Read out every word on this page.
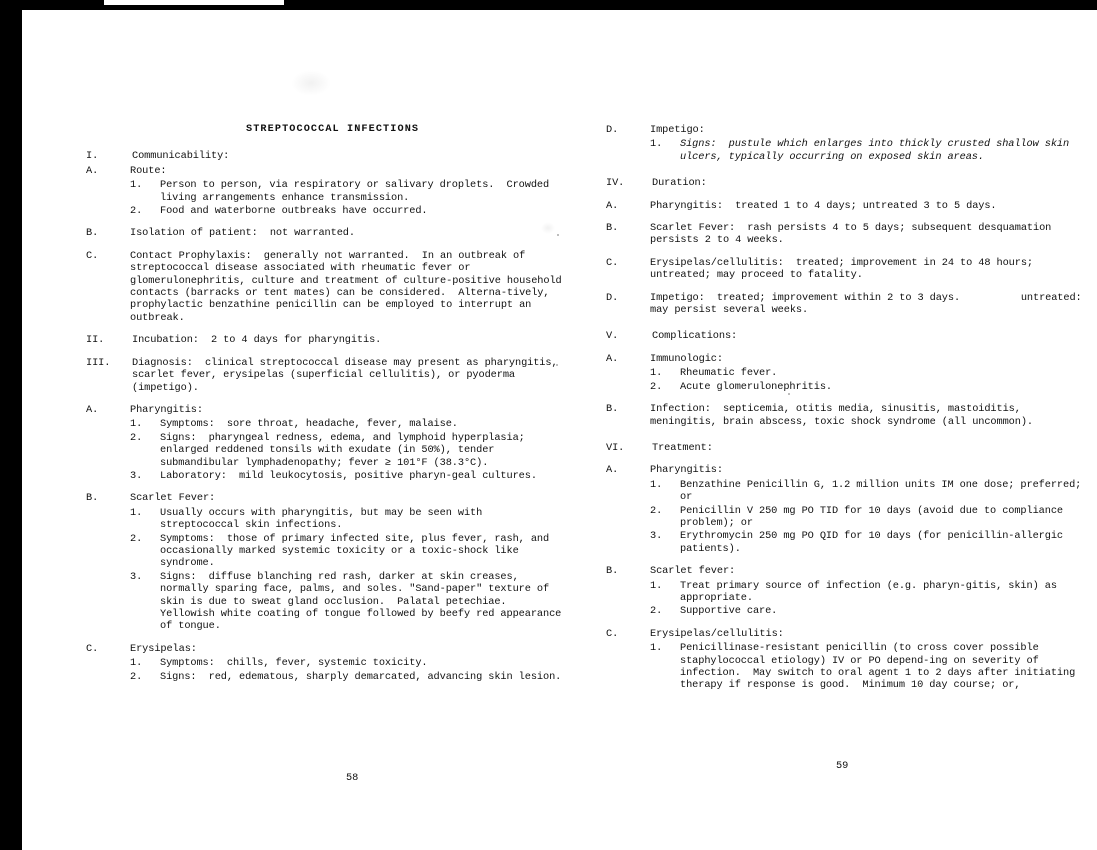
STREPTOCOCCAL INFECTIONS
I.	Communicability:
A.	Route:
1.	Person to person, via respiratory or salivary droplets.  Crowded living arrangements enhance transmission.
2.	Food and waterborne outbreaks have occurred.
B.	Isolation of patient:  not warranted.
C.	Contact Prophylaxis:  generally not warranted.  In an outbreak of streptococcal disease associated with rheumatic fever or glomerulonephritis, culture and treatment of culture-positive household contacts (barracks or tent mates) can be considered.  Alterna-tively, prophylactic benzathine penicillin can be employed to interrupt an outbreak.
II.	Incubation:  2 to 4 days for pharyngitis.
III.	Diagnosis:  clinical streptococcal disease may present as pharyngitis, scarlet fever, erysipelas (superficial cellulitis), or pyoderma (impetigo).
A.	Pharyngitis:
1.	Symptoms:  sore throat, headache, fever, malaise.
2.	Signs:  pharyngeal redness, edema, and lymphoid hyperplasia; enlarged reddened tonsils with exudate (in 50%), tender submandibular lymphadenopathy; fever ≥ 101°F (38.3°C).
3.	Laboratory:  mild leukocytosis, positive pharyn-geal cultures.
B.	Scarlet Fever:
1.	Usually occurs with pharyngitis, but may be seen with streptococcal skin infections.
2.	Symptoms:  those of primary infected site, plus fever, rash, and occasionally marked systemic toxicity or a toxic-shock like syndrome.
3.	Signs:  diffuse blanching red rash, darker at skin creases, normally sparing face, palms, and soles. "Sand-paper" texture of skin is due to sweat gland occlusion.  Palatal petechiae. Yellowish white coating of tongue followed by beefy red appearance of tongue.
C.	Erysipelas:
1.	Symptoms:  chills, fever, systemic toxicity.
2.	Signs:  red, edematous, sharply demarcated, advancing skin lesion.
D.	Impetigo:
1.	Signs:  pustule which enlarges into thickly crusted shallow skin ulcers, typically occurring on exposed skin areas.
IV.	Duration:
A.	Pharyngitis:  treated 1 to 4 days; untreated 3 to 5 days.
B.	Scarlet Fever:  rash persists 4 to 5 days; subsequent desquamation persists 2 to 4 weeks.
C.	Erysipelas/cellulitis:  treated; improvement in 24 to 48 hours;  untreated; may proceed to fatality.
D.	Impetigo:  treated; improvement within 2 to 3 days.          untreated:  may persist several weeks.
V.	Complications:
A.	Immunologic:
1.	Rheumatic fever.
2.	Acute glomerulonephritis.
B.	Infection:  septicemia, otitis media, sinusitis, mastoiditis, meningitis, brain abscess, toxic shock syndrome (all uncommon).
VI.	Treatment:
A.	Pharyngitis:
1.	Benzathine Penicillin G, 1.2 million units IM one dose; preferred; or
2.	Penicillin V 250 mg PO TID for 10 days (avoid due to compliance problem); or
3.	Erythromycin 250 mg PO QID for 10 days (for penicillin-allergic patients).
B.	Scarlet fever:
1.	Treat primary source of infection (e.g. pharyn-gitis, skin) as appropriate.
2.	Supportive care.
C.	Erysipelas/cellulitis:
1.	Penicillinase-resistant penicillin (to cross cover possible staphylococcal etiology) IV or PO depend-ing on severity of infection.  May switch to oral agent 1 to 2 days after initiating therapy if response is good.  Minimum 10 day course; or,
58
59
